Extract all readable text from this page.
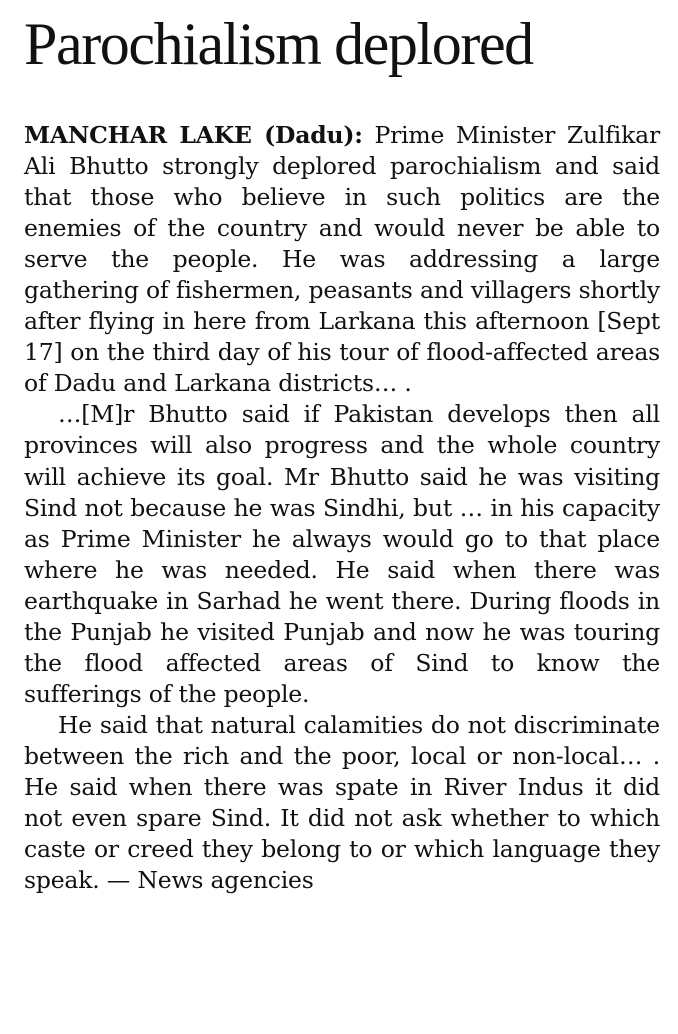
Parochialism deplored

MANCHAR LAKE (Dadu): Prime Minister Zulfikar Ali Bhutto strongly deplored parochialism and said that those who believe in such politics are the enemies of the country and would never be able to serve the people. He was addressing a large gathering of fishermen, peasants and villagers shortly after flying in here from Larkana this afternoon [Sept 17] on the third day of his tour of flood-affected areas of Dadu and Larkana districts… .

…[M]r Bhutto said if Pakistan develops then all provinces will also progress and the whole country will achieve its goal. Mr Bhutto said he was visiting Sind not because he was Sindhi, but … in his capacity as Prime Minister he always would go to that place where he was needed. He said when there was earthquake in Sarhad he went there. During floods in the Punjab he visited Punjab and now he was touring the flood affected areas of Sind to know the sufferings of the people.

He said that natural calamities do not discriminate between the rich and the poor, local or non-local… . He said when there was spate in River Indus it did not even spare Sind. It did not ask whether to which caste or creed they belong to or which language they speak. — News agencies
